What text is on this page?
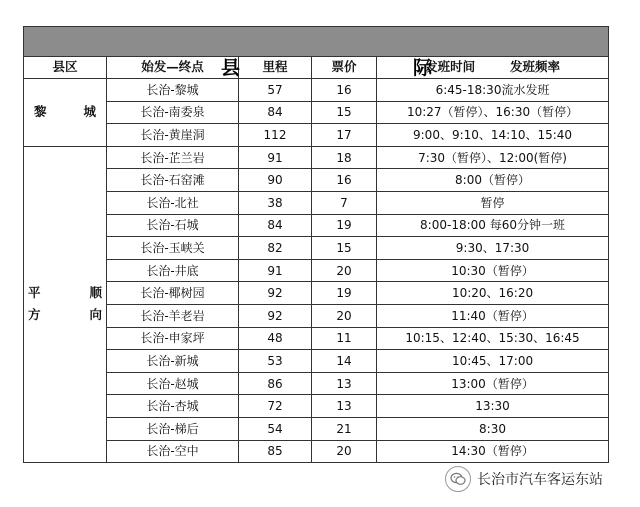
县 际				

县区	始发—终点	里程	票价	发班时间 发班频率

黎 城	长治-黎城	57	16	6:45-18:30流水发班
	长治-南委泉	84	15	10:27（暂停）、16:30（暂停）
	长治-黄崖洞	112	17	9:00、9:10、14:10、15:40

平 顺
方 向	长治-芷兰岩	91	18	7:30（暂停）、12:00(暂停)
	长治-石窑滩	90	16	8:00（暂停）
	长治-北社	38	7	暂停
	长治-石城	84	19	8:00-18:00 每60分钟一班
	长治-玉峡关	82	15	9:30、17:30
	长治-井底	91	20	10:30（暂停）
	长治-椰树园	92	19	10:20、16:20
	长治-羊老岩	92	20	11:40（暂停）
	长治-申家坪	48	11	10:15、12:40、15:30、16:45
	长治-新城	53	14	10:45、17:00
	长治-赵城	86	13	13:00（暂停）
	长治-杏城	72	13	13:30
	长治-梯后	54	21	8:30
	长治-空中	85	20	14:30（暂停）
长治市汽车客运东站
